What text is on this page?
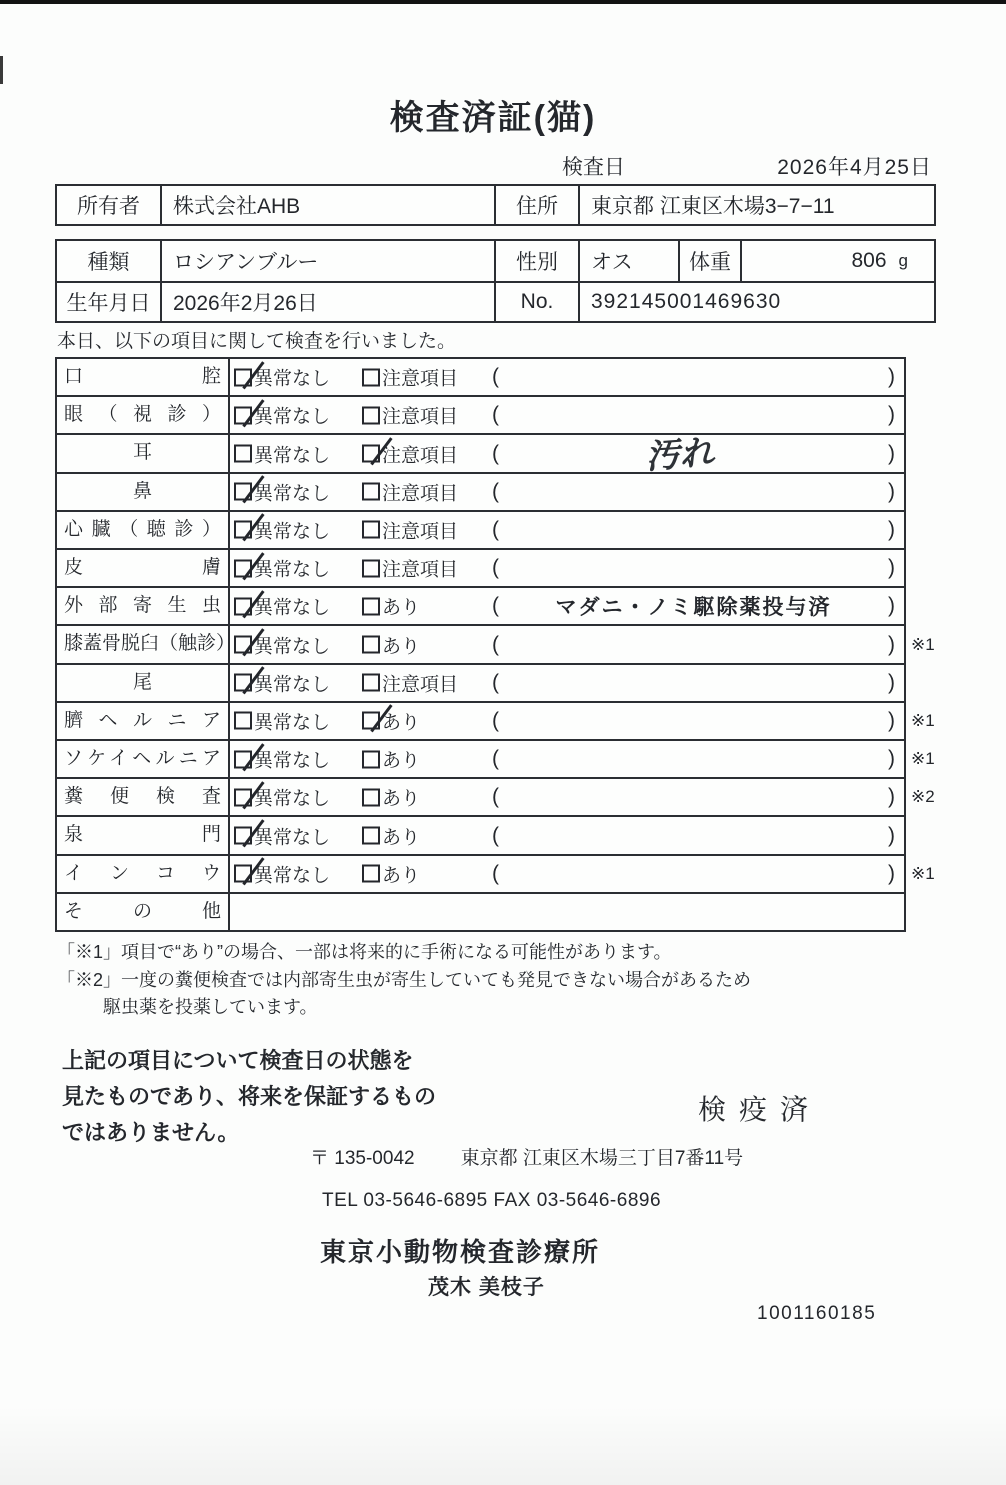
検査済証(猫)
検査日	2026年4月25日
所有者	株式会社AHB	住所	東京都 江東区木場3−7−11
種類	ロシアンブルー	性別	オス	体重	806 g
生年月日	2026年2月26日	No.	392145001469630
本日、以下の項目に関して検査を行いました。
口腔	異常なし	注意項目 (	)
眼（視診）	異常なし	注意項目 (	)
耳	異常なし	注意項目 (	汚れ	)
鼻	異常なし	注意項目 (	)
心臓（聴診）	異常なし	注意項目 (	)
皮膚	異常なし	注意項目 (	)
外部寄生虫	異常なし	あり	(	マダニ・ノミ駆除薬投与済	)
膝蓋骨脱臼（触診） 異常なし	あり	(	) ※1
尾	異常なし	注意項目 (	)
臍ヘルニア	異常なし	あり	(	) ※1
ソケイヘルニア	異常なし	あり	(	) ※1
糞便検査	異常なし	あり	(	) ※2
泉門	異常なし	あり	(	)
インコウ	異常なし	あり	(	) ※1
その他
「※1」項目で“あり”の場合、一部は将来的に手術になる可能性があります。
「※2」一度の糞便検査では内部寄生虫が寄生していても発見できない場合があるため
駆虫薬を投薬しています。
上記の項目について検査日の状態を
見たものであり、将来を保証するもの
ではありません。
検疫済
〒 135-0042 東京都 江東区木場三丁目7番11号
TEL 03-5646-6895 FAX 03-5646-6896
東京小動物検査診療所
茂木 美枝子
1001160185
